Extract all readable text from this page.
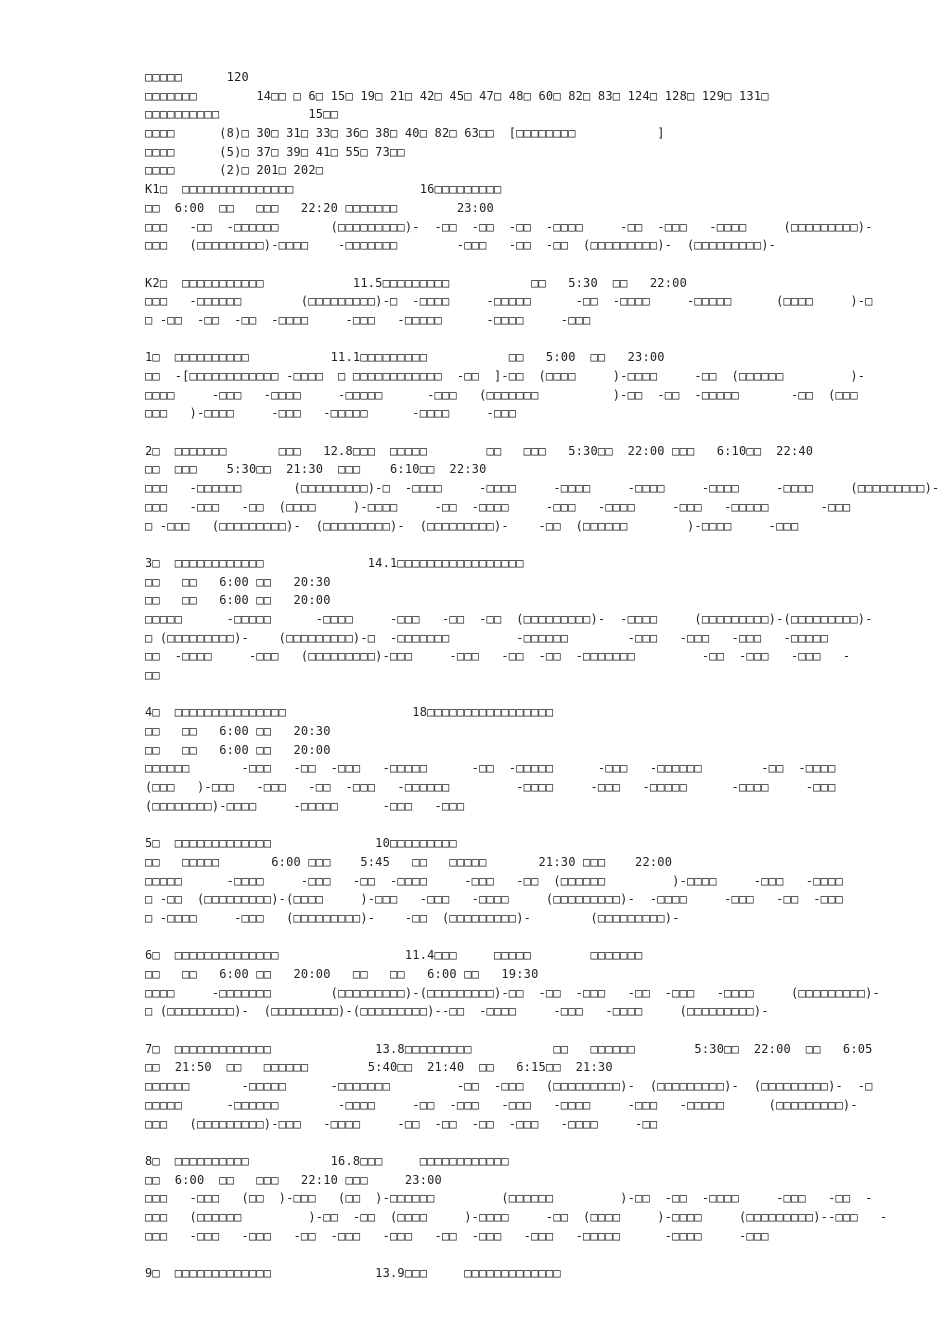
□□□□□      120
□□□□□□□        14□□ □ 6□ 15□ 19□ 21□ 42□ 45□ 47□ 48□ 60□ 82□ 83□ 124□ 128□ 129□ 131□
□□□□□□□□□□            15□□
□□□□      (8)□ 30□ 31□ 33□ 36□ 38□ 40□ 82□ 63□□  [□□□□□□□□           ]
□□□□      (5)□ 37□ 39□ 41□ 55□ 73□□
□□□□      (2)□ 201□ 202□
K1□  □□□□□□□□□□□□□□□                 16□□□□□□□□□
□□  6:00  □□   □□□   22:20 □□□□□□□        23:00
□□□   -□□  -□□□□□□       (□□□□□□□□□)-  -□□  -□□  -□□  -□□□□     -□□  -□□□   -□□□□     (□□□□□□□□□)-
□□□   (□□□□□□□□□)-□□□□    -□□□□□□□        -□□□   -□□  -□□  (□□□□□□□□□)-  (□□□□□□□□□)-
K2□  □□□□□□□□□□□            11.5□□□□□□□□□           □□   5:30  □□   22:00
□□□   -□□□□□□        (□□□□□□□□□)-□  -□□□□     -□□□□□      -□□  -□□□□     -□□□□□      (□□□□     )-□
□ -□□  -□□  -□□  -□□□□     -□□□   -□□□□□      -□□□□     -□□□
1□  □□□□□□□□□□           11.1□□□□□□□□□           □□   5:00  □□   23:00
□□  -[□□□□□□□□□□□□ -□□□□  □ □□□□□□□□□□□□  -□□  ]-□□  (□□□□     )-□□□□     -□□  (□□□□□□         )-
□□□□     -□□□   -□□□□     -□□□□□      -□□□   (□□□□□□□          )-□□  -□□  -□□□□□       -□□  (□□□
□□□   )-□□□□     -□□□   -□□□□□      -□□□□     -□□□
2□  □□□□□□□       □□□   12.8□□□  □□□□□        □□   □□□   5:30□□  22:00 □□□   6:10□□  22:40
□□  □□□    5:30□□  21:30  □□□    6:10□□  22:30
□□□   -□□□□□□       (□□□□□□□□□)-□  -□□□□     -□□□□     -□□□□     -□□□□     -□□□□     -□□□□     (□□□□□□□□□)-
□□□   -□□□   -□□  (□□□□     )-□□□□     -□□  -□□□□     -□□□   -□□□□     -□□□   -□□□□□       -□□□
□ -□□□   (□□□□□□□□□)-  (□□□□□□□□□)-  (□□□□□□□□□)-    -□□  (□□□□□□        )-□□□□     -□□□
3□  □□□□□□□□□□□□              14.1□□□□□□□□□□□□□□□□□
□□   □□   6:00 □□   20:30
□□   □□   6:00 □□   20:00
□□□□□      -□□□□□      -□□□□     -□□□   -□□  -□□  (□□□□□□□□□)-  -□□□□     (□□□□□□□□□)-(□□□□□□□□□)-
□ (□□□□□□□□□)-    (□□□□□□□□□)-□  -□□□□□□□         -□□□□□□        -□□□   -□□□   -□□□   -□□□□□
□□  -□□□□     -□□□   (□□□□□□□□□)-□□□     -□□□   -□□  -□□  -□□□□□□□         -□□  -□□□   -□□□   -
□□
4□  □□□□□□□□□□□□□□□                 18□□□□□□□□□□□□□□□□□
□□   □□   6:00 □□   20:30
□□   □□   6:00 □□   20:00
□□□□□□       -□□□   -□□  -□□□   -□□□□□      -□□  -□□□□□      -□□□   -□□□□□□        -□□  -□□□□
(□□□   )-□□□   -□□□   -□□  -□□□   -□□□□□□         -□□□□     -□□□   -□□□□□      -□□□□     -□□□
(□□□□□□□□)-□□□□     -□□□□□      -□□□   -□□□
5□  □□□□□□□□□□□□□              10□□□□□□□□□
□□   □□□□□       6:00 □□□    5:45   □□   □□□□□       21:30 □□□    22:00
□□□□□      -□□□□     -□□□   -□□  -□□□□     -□□□   -□□  (□□□□□□         )-□□□□     -□□□   -□□□□
□ -□□  (□□□□□□□□□)-(□□□□     )-□□□   -□□□   -□□□□     (□□□□□□□□□)-  -□□□□     -□□□   -□□  -□□□
□ -□□□□     -□□□   (□□□□□□□□□)-    -□□  (□□□□□□□□□)-        (□□□□□□□□□)-
6□  □□□□□□□□□□□□□□                 11.4□□□     □□□□□        □□□□□□□
□□   □□   6:00 □□   20:00   □□   □□   6:00 □□   19:30
□□□□     -□□□□□□□        (□□□□□□□□□)-(□□□□□□□□□)-□□  -□□  -□□□   -□□  -□□□   -□□□□     (□□□□□□□□□)-
□ (□□□□□□□□□)-  (□□□□□□□□□)-(□□□□□□□□□)--□□  -□□□□     -□□□   -□□□□     (□□□□□□□□□)-
7□  □□□□□□□□□□□□□              13.8□□□□□□□□□           □□   □□□□□□        5:30□□  22:00  □□   6:05
□□  21:50  □□   □□□□□□        5:40□□  21:40  □□   6:15□□  21:30
□□□□□□       -□□□□□      -□□□□□□□         -□□  -□□□   (□□□□□□□□□)-  (□□□□□□□□□)-  (□□□□□□□□□)-  -□
□□□□□      -□□□□□□        -□□□□     -□□  -□□□   -□□□   -□□□□     -□□□   -□□□□□      (□□□□□□□□□)-
□□□   (□□□□□□□□□)-□□□   -□□□□     -□□  -□□  -□□  -□□□   -□□□□     -□□
8□  □□□□□□□□□□           16.8□□□     □□□□□□□□□□□□
□□  6:00  □□   □□□   22:10 □□□     23:00
□□□   -□□□   (□□  )-□□□   (□□  )-□□□□□□         (□□□□□□         )-□□  -□□  -□□□□     -□□□   -□□  -
□□□   (□□□□□□         )-□□  -□□  (□□□□     )-□□□□     -□□  (□□□□     )-□□□□     (□□□□□□□□□)--□□□   -
□□□   -□□□   -□□□   -□□  -□□□   -□□□   -□□  -□□□   -□□□   -□□□□□      -□□□□     -□□□
9□  □□□□□□□□□□□□□              13.9□□□     □□□□□□□□□□□□□
